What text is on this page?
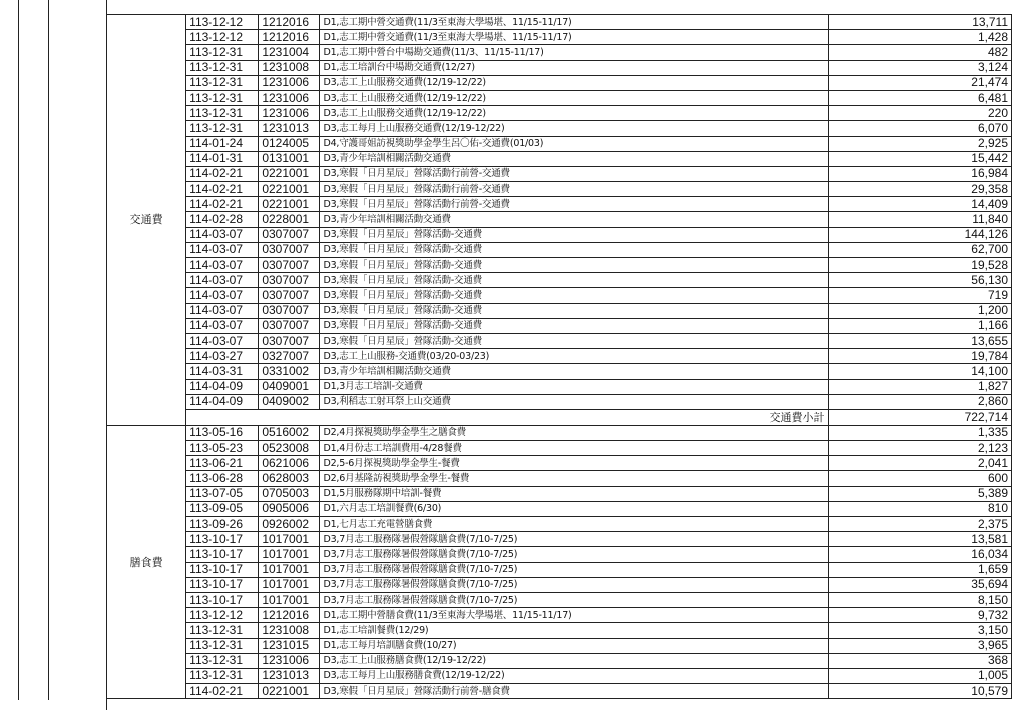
交通費	113-12-12	1212016	D1,志工期中營交通費(11/3至東海大學場堪、11/15-11/17)	13,711
	113-12-12	1212016	D1,志工期中營交通費(11/3至東海大學場堪、11/15-11/17)	1,428
	113-12-31	1231004	D1,志工期中營台中場勘交通費(11/3、11/15-11/17)	482
	113-12-31	1231008	D1,志工培訓台中場勘交通費(12/27)	3,124
	113-12-31	1231006	D3,志工上山服務交通費(12/19-12/22)	21,474
	113-12-31	1231006	D3,志工上山服務交通費(12/19-12/22)	6,481
	113-12-31	1231006	D3,志工上山服務交通費(12/19-12/22)	220
	113-12-31	1231013	D3,志工每月上山服務交通費(12/19-12/22)	6,070
	114-01-24	0124005	D4,守護哥姐訪視獎助學金學生呂〇佑-交通費(01/03)	2,925
	114-01-31	0131001	D3,青少年培訓相關活動交通費	15,442
	114-02-21	0221001	D3,寒假「日月星辰」營隊活動行前營-交通費	16,984
	114-02-21	0221001	D3,寒假「日月星辰」營隊活動行前營-交通費	29,358
	114-02-21	0221001	D3,寒假「日月星辰」營隊活動行前營-交通費	14,409
	114-02-28	0228001	D3,青少年培訓相關活動交通費	11,840
	114-03-07	0307007	D3,寒假「日月星辰」營隊活動-交通費	144,126
	114-03-07	0307007	D3,寒假「日月星辰」營隊活動-交通費	62,700
	114-03-07	0307007	D3,寒假「日月星辰」營隊活動-交通費	19,528
	114-03-07	0307007	D3,寒假「日月星辰」營隊活動-交通費	56,130
	114-03-07	0307007	D3,寒假「日月星辰」營隊活動-交通費	719
	114-03-07	0307007	D3,寒假「日月星辰」營隊活動-交通費	1,200
	114-03-07	0307007	D3,寒假「日月星辰」營隊活動-交通費	1,166
	114-03-07	0307007	D3,寒假「日月星辰」營隊活動-交通費	13,655
	114-03-27	0327007	D3,志工上山服務-交通費(03/20-03/23)	19,784
	114-03-31	0331002	D3,青少年培訓相關活動交通費	14,100
	114-04-09	0409001	D1,3月志工培訓-交通費	1,827
	114-04-09	0409002	D3,利稻志工射耳祭上山交通費	2,860
	交通費小計			722,714
膳食費	113-05-16	0516002	D2,4月探視獎助學金學生之膳食費	1,335
	113-05-23	0523008	D1,4月份志工培訓費用-4/28餐費	2,123
	113-06-21	0621006	D2,5-6月探視獎助學金學生-餐費	2,041
	113-06-28	0628003	D2,6月基隆訪視獎助學金學生-餐費	600
	113-07-05	0705003	D1,5月服務隊期中培訓-餐費	5,389
	113-09-05	0905006	D1,六月志工培訓餐費(6/30)	810
	113-09-26	0926002	D1,七月志工充電營膳食費	2,375
	113-10-17	1017001	D3,7月志工服務隊暑假營隊膳食費(7/10-7/25)	13,581
	113-10-17	1017001	D3,7月志工服務隊暑假營隊膳食費(7/10-7/25)	16,034
	113-10-17	1017001	D3,7月志工服務隊暑假營隊膳食費(7/10-7/25)	1,659
	113-10-17	1017001	D3,7月志工服務隊暑假營隊膳食費(7/10-7/25)	35,694
	113-10-17	1017001	D3,7月志工服務隊暑假營隊膳食費(7/10-7/25)	8,150
	113-12-12	1212016	D1,志工期中營膳食費(11/3至東海大學場堪、11/15-11/17)	9,732
	113-12-31	1231008	D1,志工培訓餐費(12/29)	3,150
	113-12-31	1231015	D1,志工每月培訓膳食費(10/27)	3,965
	113-12-31	1231006	D3,志工上山服務膳食費(12/19-12/22)	368
	113-12-31	1231013	D3,志工每月上山服務膳食費(12/19-12/22)	1,005
	114-02-21	0221001	D3,寒假「日月星辰」營隊活動行前營-膳食費	10,579
